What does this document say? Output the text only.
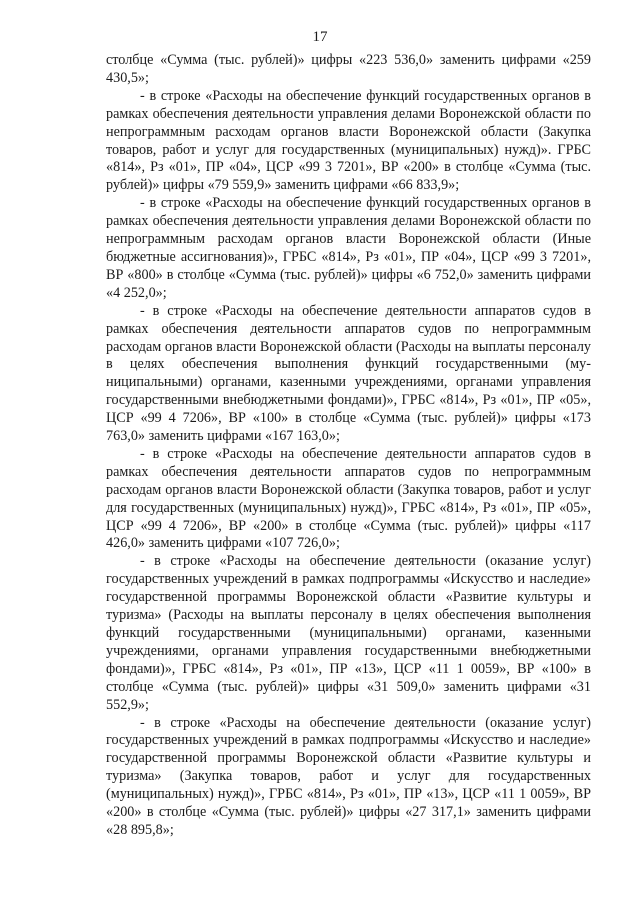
17

столбце «Сумма (тыс. рублей)» цифры «223 536,0» заменить цифрами «259 430,5»;

- в строке «Расходы на обеспечение функций государственных органов в рамках обеспечения деятельности управления делами Воронежской области по непрограммным расходам органов власти Воронежской области (Закупка товаров, работ и услуг для государственных (муниципальных) нужд)». ГРБС «814», Рз «01», ПР «04», ЦСР «99 3 7201», ВР «200» в столбце «Сумма (тыс. рублей)» цифры «79 559,9» заменить цифрами «66 833,9»;

- в строке «Расходы на обеспечение функций государственных органов в рамках обеспечения деятельности управления делами Воронежской области по непрограммным расходам органов власти Воронежской области (Иные бюджетные ассигнования)», ГРБС «814», Рз «01», ПР «04», ЦСР «99 3 7201», ВР «800» в столбце «Сумма (тыс. рублей)» цифры «6 752,0» заменить цифрами «4 252,0»;

- в строке «Расходы на обеспечение деятельности аппаратов судов в рамках обеспечения деятельности аппаратов судов по непрограммным расходам органов власти Воронежской области (Расходы на выплаты персоналу в целях обеспечения выполнения функций государственными (муниципальными) органами, казенными учреждениями, органами управления государственными внебюджетными фондами)», ГРБС «814», Рз «01», ПР «05», ЦСР «99 4 7206», ВР «100» в столбце «Сумма (тыс. рублей)» цифры «173 763,0» заменить цифрами «167 163,0»;

- в строке «Расходы на обеспечение деятельности аппаратов судов в рамках обеспечения деятельности аппаратов судов по непрограммным расходам органов власти Воронежской области (Закупка товаров, работ и услуг для государственных (муниципальных) нужд)», ГРБС «814», Рз «01», ПР «05», ЦСР «99 4 7206», ВР «200» в столбце «Сумма (тыс. рублей)» цифры «117 426,0» заменить цифрами «107 726,0»;

- в строке «Расходы на обеспечение деятельности (оказание услуг) государственных учреждений в рамках подпрограммы «Искусство и наследие» государственной программы Воронежской области «Развитие культуры и туризма» (Расходы на выплаты персоналу в целях обеспечения выполнения функций государственными (муниципальными) органами, казенными учреждениями, органами управления государственными внебюджетными фондами)», ГРБС «814», Рз «01», ПР «13», ЦСР «11 1 0059», ВР «100» в столбце «Сумма (тыс. рублей)» цифры «31 509,0» заменить цифрами «31 552,9»;

- в строке «Расходы на обеспечение деятельности (оказание услуг) государственных учреждений в рамках подпрограммы «Искусство и наследие» государственной программы Воронежской области «Развитие культуры и туризма» (Закупка товаров, работ и услуг для государственных (муниципальных) нужд)», ГРБС «814», Рз «01», ПР «13», ЦСР «11 1 0059», ВР «200» в столбце «Сумма (тыс. рублей)» цифры «27 317,1» заменить цифрами «28 895,8»;
